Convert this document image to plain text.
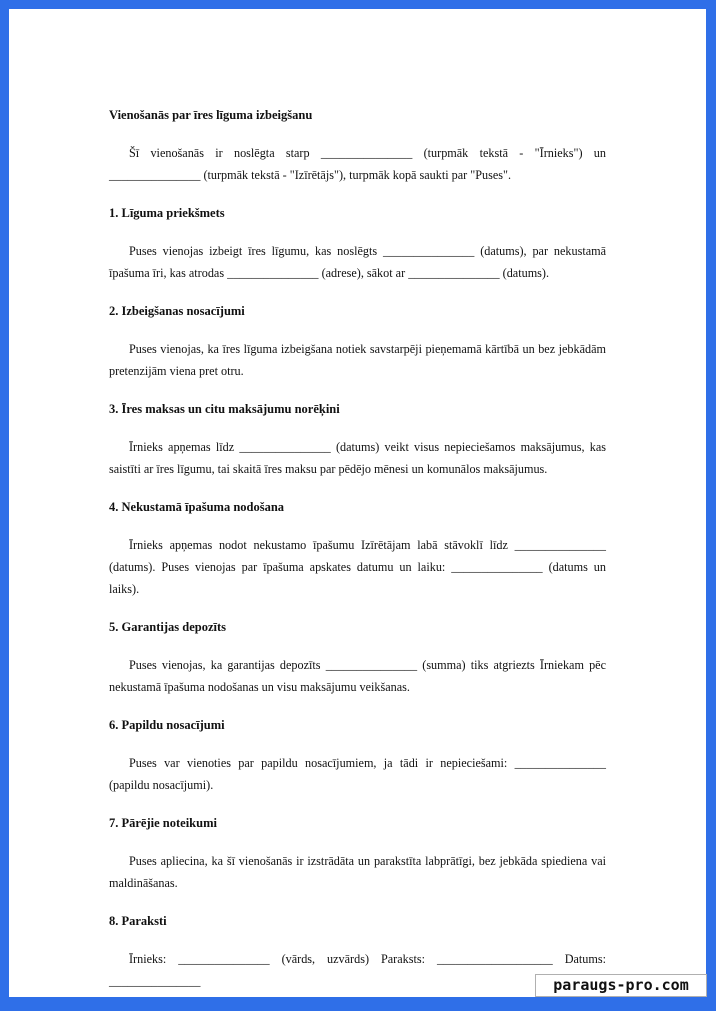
Vienošanās par īres līguma izbeigšanu
Šī vienošanās ir noslēgta starp _______________ (turpmāk tekstā - "Īrnieks") un _______________ (turpmāk tekstā - "Izīrētājs"), turpmāk kopā saukti par "Puses".
1. Līguma priekšmets
Puses vienojas izbeigt īres līgumu, kas noslēgts _______________ (datums), par nekustamā īpašuma īri, kas atrodas _______________ (adrese), sākot ar _______________ (datums).
2. Izbeigšanas nosacījumi
Puses vienojas, ka īres līguma izbeigšana notiek savstarpēji pieņemamā kārtībā un bez jebkādām pretenzijām viena pret otru.
3. Īres maksas un citu maksājumu norēķini
Īrnieks apņemas līdz _______________ (datums) veikt visus nepieciešamos maksājumus, kas saistīti ar īres līgumu, tai skaitā īres maksu par pēdējo mēnesi un komunālos maksājumus.
4. Nekustamā īpašuma nodošana
Īrnieks apņemas nodot nekustamo īpašumu Izīrētājam labā stāvoklī līdz _______________ (datums). Puses vienojas par īpašuma apskates datumu un laiku: _______________ (datums un laiks).
5. Garantijas depozīts
Puses vienojas, ka garantijas depozīts _______________ (summa) tiks atgriezts Īrniekam pēc nekustamā īpašuma nodošanas un visu maksājumu veikšanas.
6. Papildu nosacījumi
Puses var vienoties par papildu nosacījumiem, ja tādi ir nepieciešami: _______________ (papildu nosacījumi).
7. Pārējie noteikumi
Puses apliecina, ka šī vienošanās ir izstrādāta un parakstīta labprātīgi, bez jebkāda spiediena vai maldināšanas.
8. Paraksti
Īrnieks: _______________ (vārds, uzvārds) Paraksts: ___________________ Datums: _______________	paraugs-pro.com
